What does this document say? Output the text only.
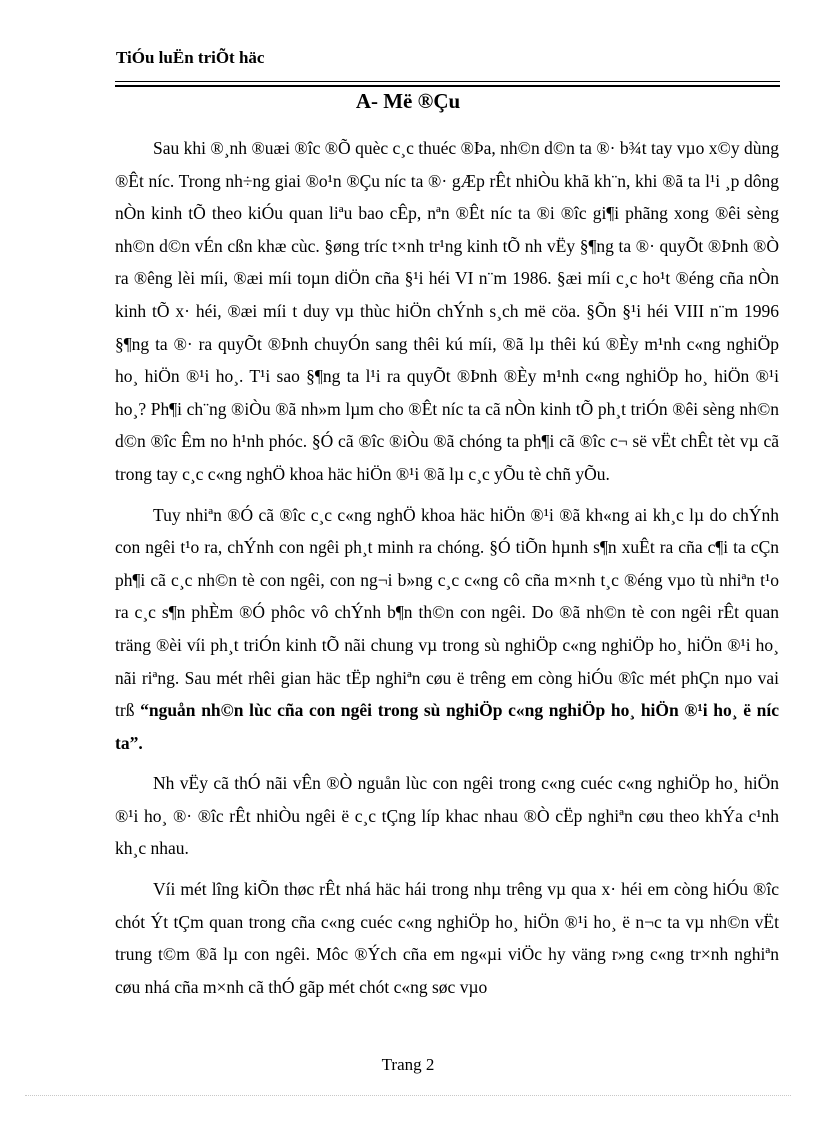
TiÓu luËn triÕt häc
A- Më ®Çu

Sau khi ®¸nh ®uæi ®îc ®Õ quèc c¸c thuéc ®Þa, nh©n d©n ta ®· b¾t tay vµo x©y dùng ®Êt níc. Trong nh÷ng giai ®o¹n ®Çu níc ta ®· gÆp rÊt nhiÒu khã kh¨n, khi ®ã ta l¹i ¸p dông nÒn kinh tÕ theo kiÓu quan liªu bao cÊp, nªn ®Êt níc ta ®i ®îc gi¶i phãng xong ®êi sèng nh©n d©n vÉn cßn khæ cùc. §øng tríc t×nh tr¹ng kinh tÕ nh vËy §¶ng ta ®· quyÕt ®Þnh ®Ò ra ®êng lèi míi, ®æi míi toµn diÖn cña §¹i héi VI n¨m 1986. §æi míi c¸c ho¹t ®éng cña nÒn kinh tÕ x· héi, ®æi míi t duy vµ thùc hiÖn chÝnh s¸ch më cöa. §Õn §¹i héi VIII n¨m 1996 §¶ng ta ®· ra quyÕt ®Þnh chuyÓn sang thêi kú míi, ®ã lµ thêi kú ®Èy m¹nh c«ng nghiÖp ho¸ hiÖn ®¹i ho¸. T¹i sao §¶ng ta l¹i ra quyÕt ®Þnh ®Èy m¹nh c«ng nghiÖp ho¸ hiÖn ®¹i ho¸? Ph¶i ch¨ng ®iÒu ®ã nh»m lµm cho ®Êt níc ta cã nÒn kinh tÕ ph¸t triÓn ®êi sèng nh©n d©n ®îc Êm no h¹nh phóc. §Ó cã ®îc ®iÒu ®ã chóng ta ph¶i cã ®îc c¬ së vËt chÊt tèt vµ cã trong tay c¸c c«ng nghÖ khoa häc hiÖn ®¹i ®ã lµ c¸c yÕu tè chñ yÕu.

Tuy nhiªn ®Ó cã ®îc c¸c c«ng nghÖ khoa häc hiÖn ®¹i ®ã kh«ng ai kh¸c lµ do chÝnh con ngêi t¹o ra, chÝnh con ngêi ph¸t minh ra chóng. §Ó tiÕn hµnh s¶n xuÊt ra cña c¶i ta cÇn ph¶i cã c¸c nh©n tè con ngêi, con ng¬i b»ng c¸c c«ng cô cña m×nh t¸c ®éng vµo tù nhiªn t¹o ra c¸c s¶n phÈm ®Ó phôc vô chÝnh b¶n th©n con ngêi. Do ®ã nh©n tè con ngêi rÊt quan träng ®èi víi ph¸t triÓn kinh tÕ nãi chung vµ trong sù nghiÖp c«ng nghiÖp ho¸ hiÖn ®¹i ho¸ nãi riªng. Sau mét rhêi gian häc tËp nghiªn cøu ë trêng em còng hiÓu ®îc mét phÇn nµo vai trß “nguån nh©n lùc cña con ngêi trong sù nghiÖp c«ng nghiÖp ho¸ hiÖn ®¹i ho¸ ë níc ta”.

Nh vËy cã thÓ nãi vÊn ®Ò nguån lùc con ngêi trong c«ng cuéc c«ng nghiÖp ho¸ hiÖn ®¹i ho¸ ®· ®îc rÊt nhiÒu ngêi ë c¸c tÇng líp khac nhau ®Ò cËp nghiªn cøu theo khÝa c¹nh kh¸c nhau.

Víi mét lîng kiÕn thøc rÊt nhá häc hái trong nhµ trêng vµ qua x· héi em còng hiÓu ®îc chót Ýt tÇm quan trong cña c«ng cuéc c«ng nghiÖp ho¸ hiÖn ®¹i ho¸ ë n¬c ta vµ nh©n vËt trung t©m ®ã lµ con ngêi. Môc ®Ých cña em ng«µi viÖc hy väng r»ng c«ng tr×nh nghiªn cøu nhá cña m×nh cã thÓ gãp mét chót c«ng søc vµo

Trang 2
